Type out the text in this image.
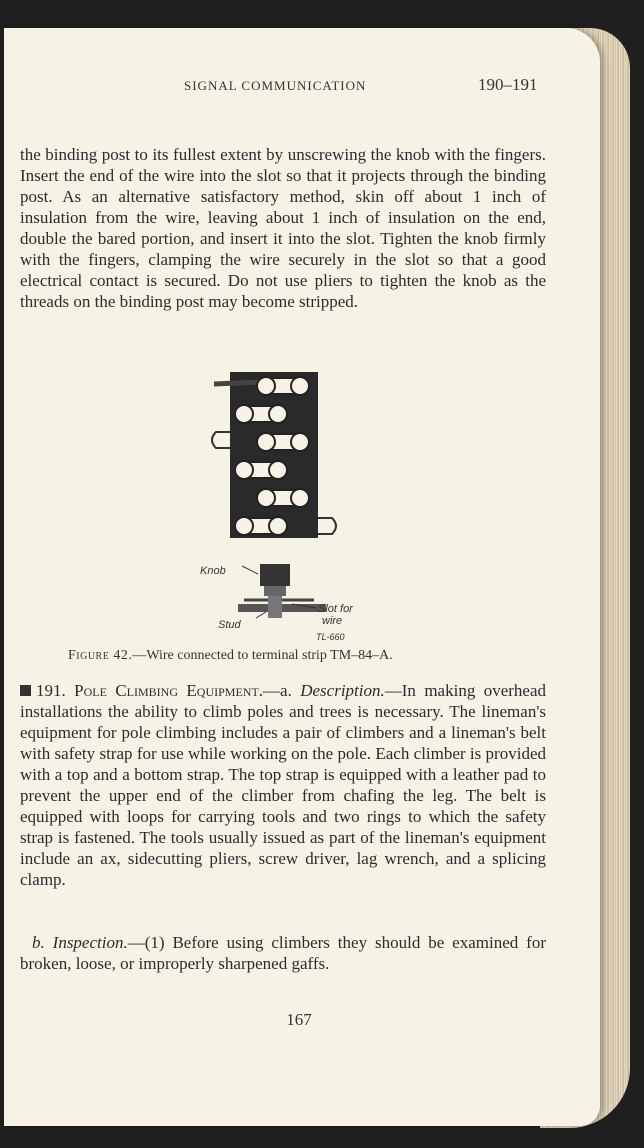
SIGNAL COMMUNICATION	190–191

the binding post to its fullest extent by unscrewing the knob with the fingers. Insert the end of the wire into the slot so that it projects through the binding post. As an alternative satisfactory method, skin off about 1 inch of insulation from the wire, leaving about 1 inch of insulation on the end, double the bared portion, and insert it into the slot. Tighten the knob firmly with the fingers, clamping the wire securely in the slot so that a good electrical contact is secured. Do not use pliers to tighten the knob as the threads on the binding post may become stripped.

Knob
Stud
Slot for
wire
TL-660
Figure 42.—Wire connected to terminal strip TM–84–A.

191. Pole Climbing Equipment.—a. Description.—In making overhead installations the ability to climb poles and trees is necessary. The lineman's equipment for pole climbing includes a pair of climbers and a lineman's belt with safety strap for use while working on the pole. Each climber is provided with a top and a bottom strap. The top strap is equipped with a leather pad to prevent the upper end of the climber from chafing the leg. The belt is equipped with loops for carrying tools and two rings to which the safety strap is fastened. The tools usually issued as part of the lineman's equipment include an ax, sidecutting pliers, screw driver, lag wrench, and a splicing clamp.

b. Inspection.—(1) Before using climbers they should be examined for broken, loose, or improperly sharpened gaffs.

167
